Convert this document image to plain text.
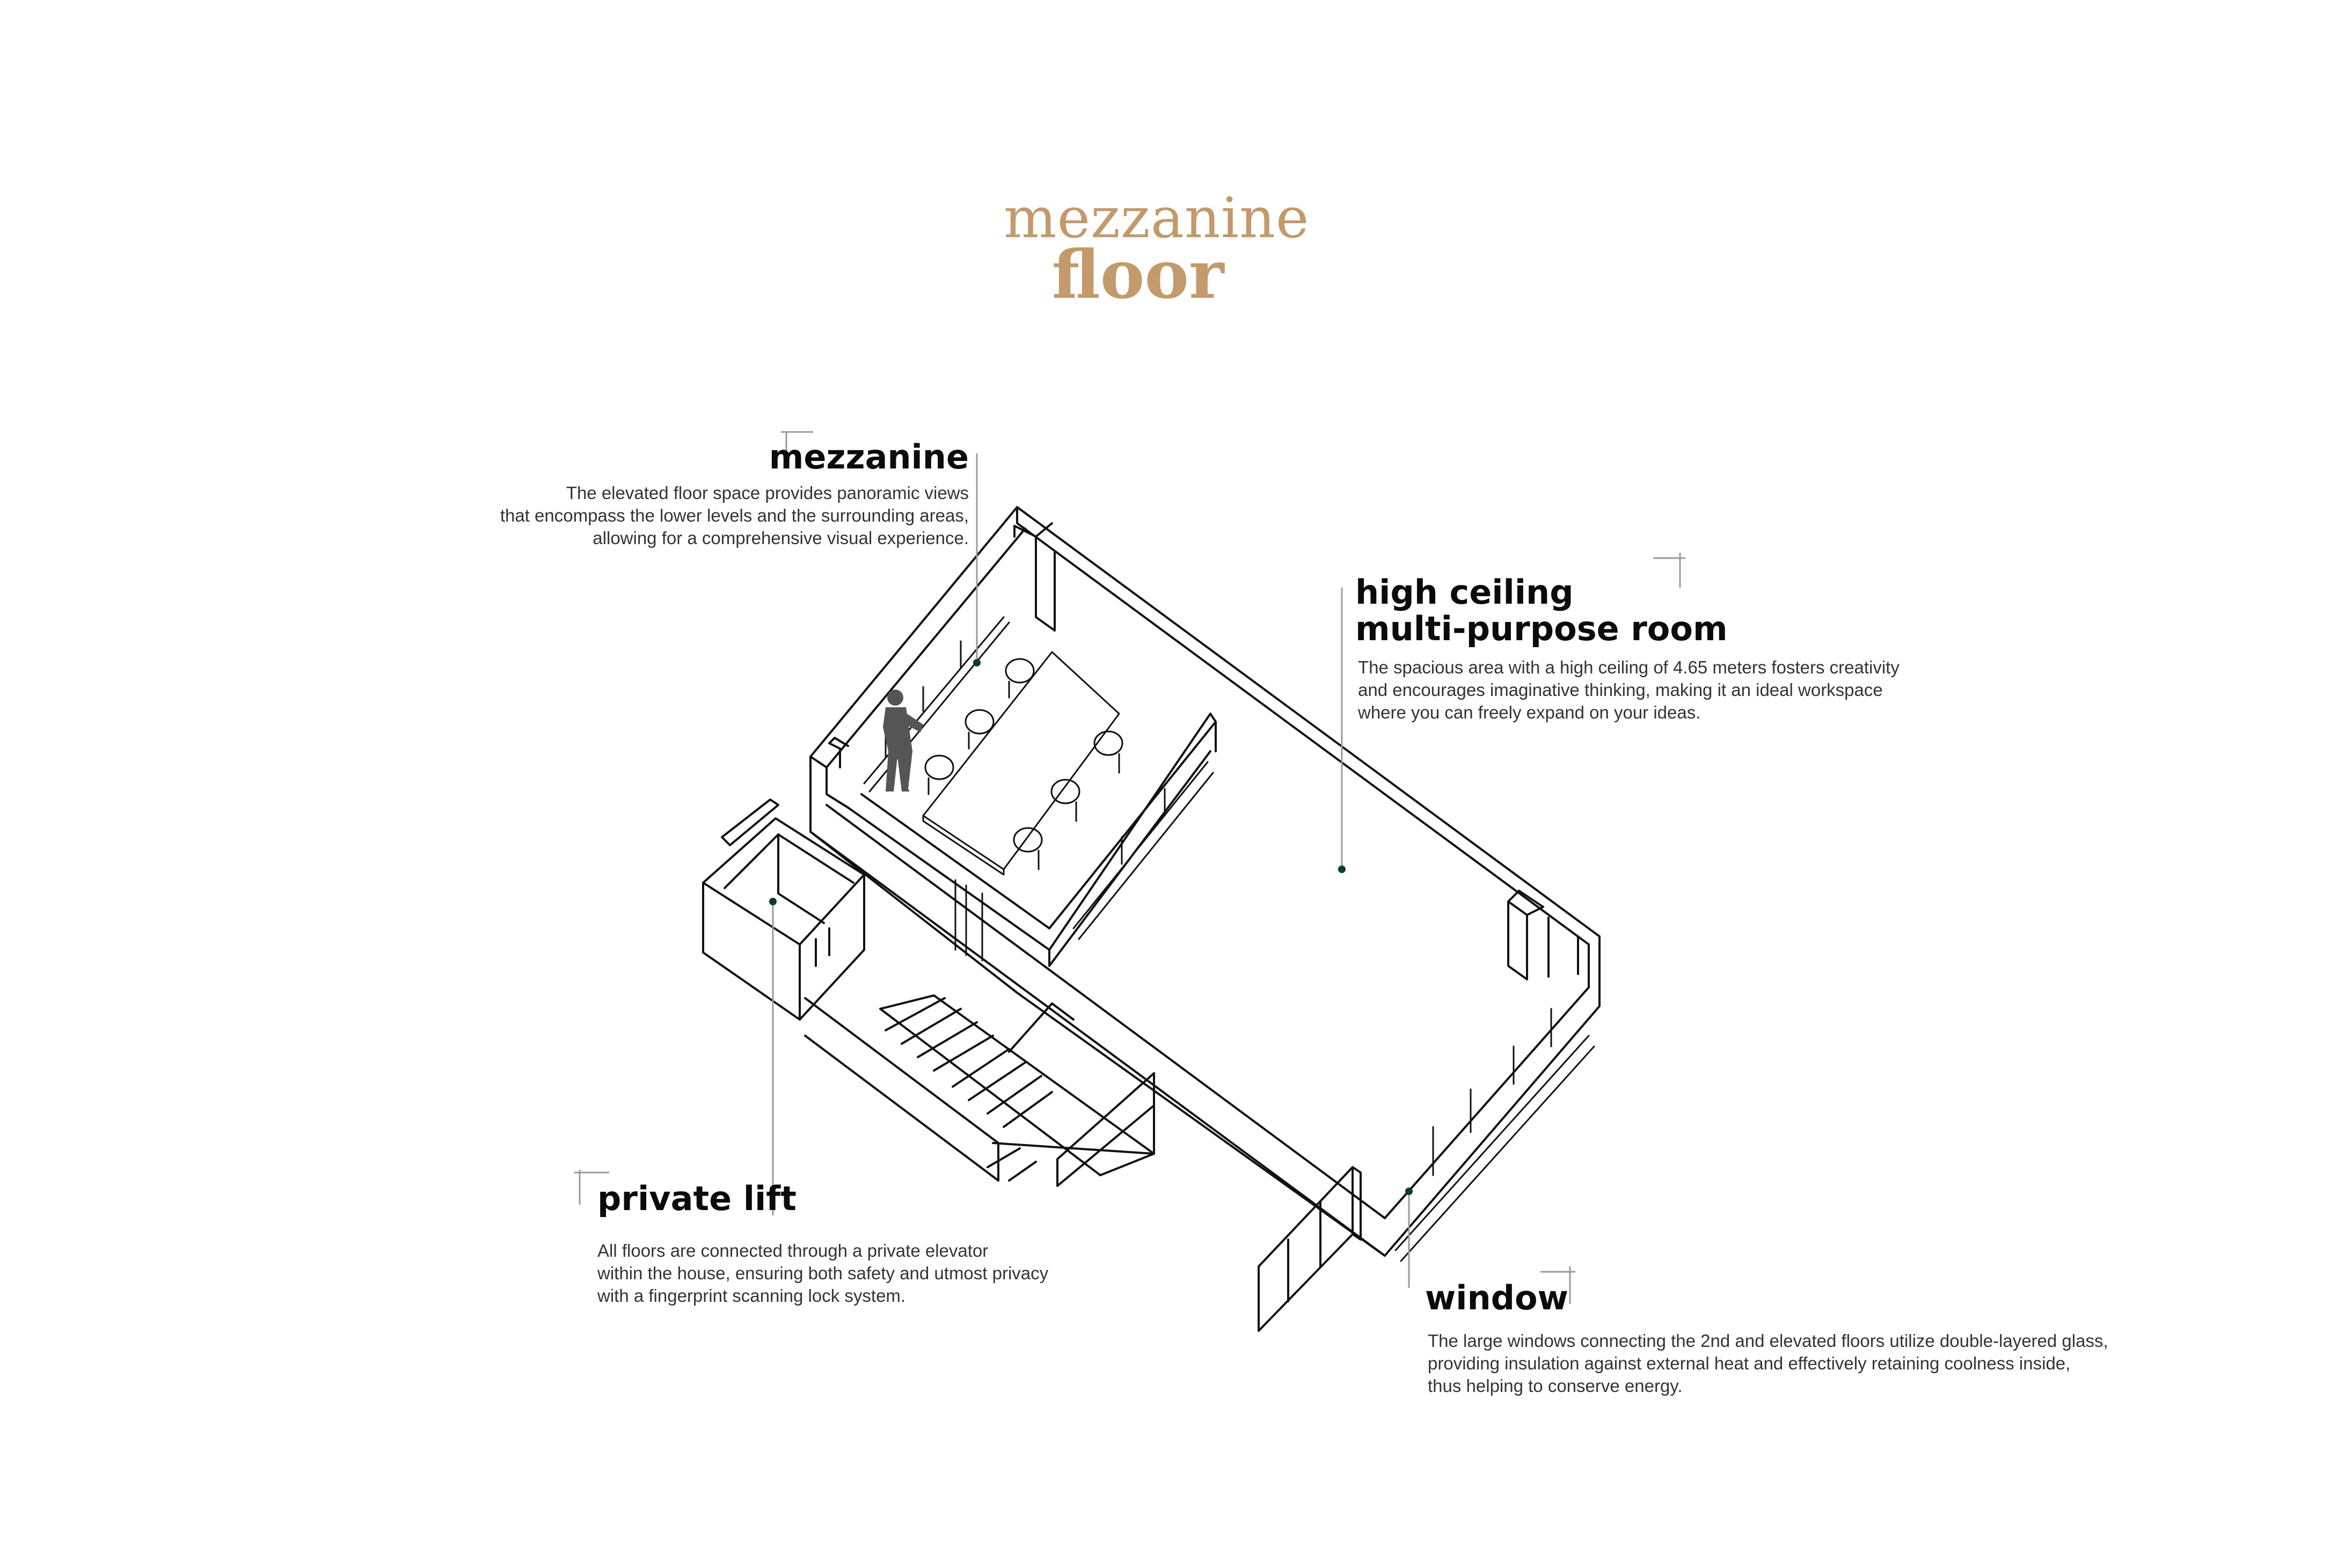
mezzanine
floor
mezzanine
The elevated floor space provides panoramic views
that encompass the lower levels and the surrounding areas,
allowing for a comprehensive visual experience.
high ceiling
multi-purpose room
The spacious area with a high ceiling of 4.65 meters fosters creativity
and encourages imaginative thinking, making it an ideal workspace
where you can freely expand on your ideas.
private lift
All floors are connected through a private elevator
within the house, ensuring both safety and utmost privacy
with a fingerprint scanning lock system.	window
The large windows connecting the 2nd and elevated floors utilize double-layered glass,
providing insulation against external heat and effectively retaining coolness inside,
thus helping to conserve energy.
